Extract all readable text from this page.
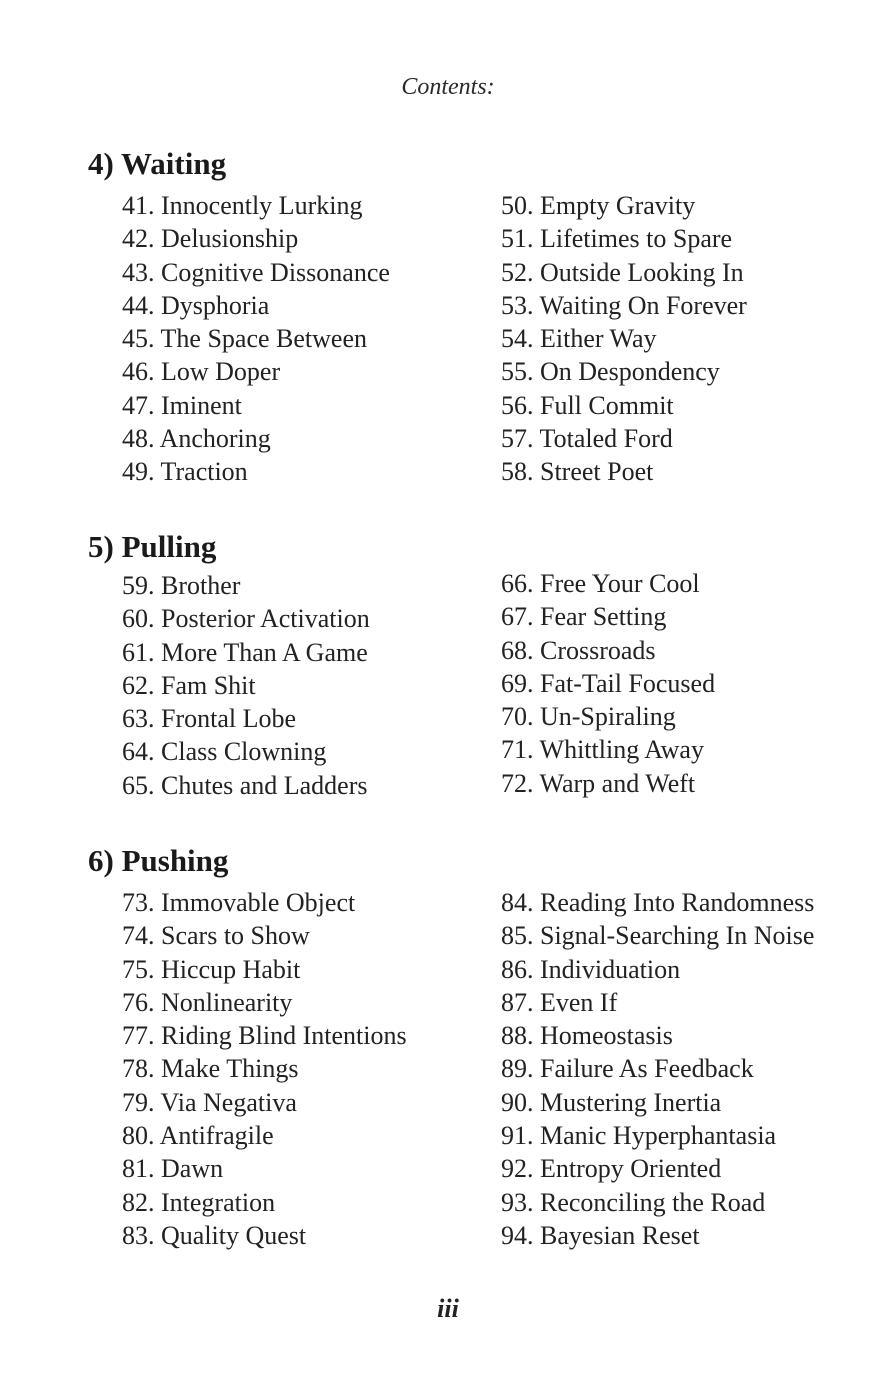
Contents:
4) Waiting
41. Innocently Lurking
42. Delusionship
43. Cognitive Dissonance
44. Dysphoria
45. The Space Between
46. Low Doper
47. Iminent
48. Anchoring
49. Traction
50. Empty Gravity
51. Lifetimes to Spare
52. Outside Looking In
53. Waiting On Forever
54. Either Way
55. On Despondency
56. Full Commit
57. Totaled Ford
58. Street Poet
5) Pulling
59. Brother
60. Posterior Activation
61. More Than A Game
62. Fam Shit
63. Frontal Lobe
64. Class Clowning
65. Chutes and Ladders
66. Free Your Cool
67. Fear Setting
68. Crossroads
69. Fat-Tail Focused
70. Un-Spiraling
71. Whittling Away
72. Warp and Weft
6) Pushing
73. Immovable Object
74. Scars to Show
75. Hiccup Habit
76. Nonlinearity
77. Riding Blind Intentions
78. Make Things
79. Via Negativa
80. Antifragile
81. Dawn
82. Integration
83. Quality Quest
84. Reading Into Randomness
85. Signal-Searching In Noise
86. Individuation
87. Even If
88. Homeostasis
89. Failure As Feedback
90. Mustering Inertia
91. Manic Hyperphantasia
92. Entropy Oriented
93. Reconciling the Road
94. Bayesian Reset
iii
